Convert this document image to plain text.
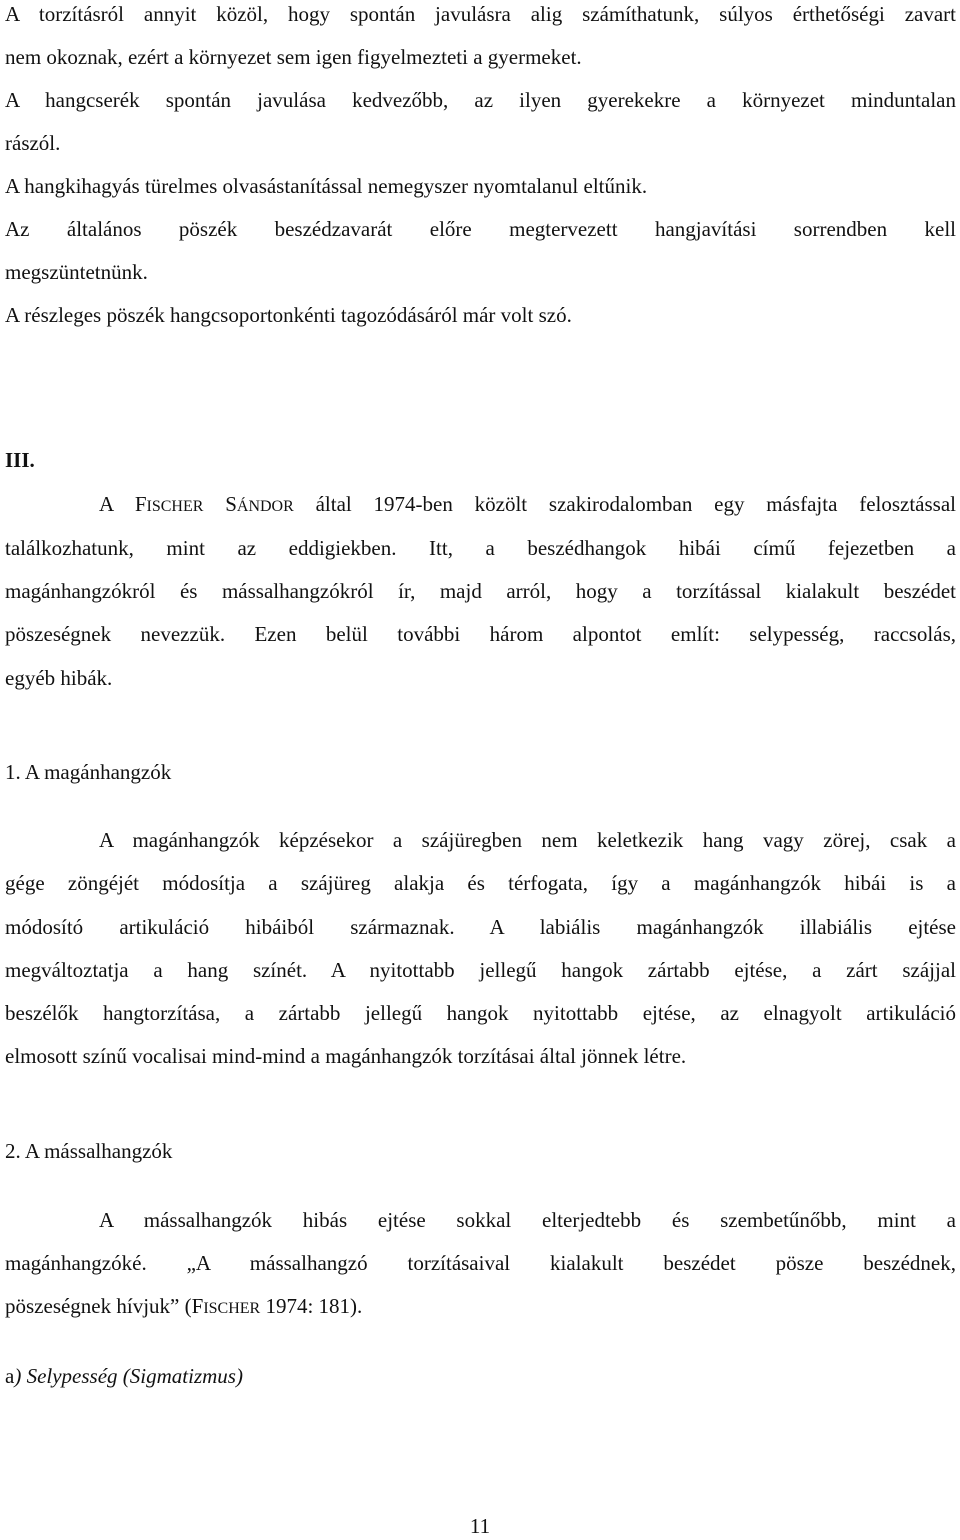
A torzításról annyit közöl, hogy spontán javulásra alig számíthatunk, súlyos érthetőségi zavart
nem okoznak, ezért a környezet sem igen figyelmezteti a gyermeket.
A hangcserék spontán javulása kedvezőbb, az ilyen gyerekekre a környezet minduntalan
rászól.
A hangkihagyás türelmes olvasástanítással nemegyszer nyomtalanul eltűnik.
Az általános pöszék beszédzavarát előre megtervezett hangjavítási sorrendben kell
megszüntetnünk.
A részleges pöszék hangcsoportonkénti tagozódásáról már volt szó.
III.
A FISCHER SÁNDOR által 1974-ben közölt szakirodalomban egy másfajta felosztással
találkozhatunk, mint az eddigiekben. Itt, a beszédhangok hibái című fejezetben a
magánhangzókról és mássalhangzókról ír, majd arról, hogy a torzítással kialakult beszédet
pöszeségnek nevezzük. Ezen belül további három alpontot említ: selypesség, raccsolás,
egyéb hibák.
1. A magánhangzók
A magánhangzók képzésekor a szájüregben nem keletkezik hang vagy zörej, csak a
gége zöngéjét módosítja a szájüreg alakja és térfogata, így a magánhangzók hibái is a
módosító artikuláció hibáiból származnak. A labiális magánhangzók illabiális ejtése
megváltoztatja a hang színét. A nyitottabb jellegű hangok zártabb ejtése, a zárt szájjal
beszélők hangtorzítása, a zártabb jellegű hangok nyitottabb ejtése, az elnagyolt artikuláció
elmosott színű vocalisai mind-mind a magánhangzók torzításai által jönnek létre.
2. A mássalhangzók
A mássalhangzók hibás ejtése sokkal elterjedtebb és szembetűnőbb, mint a
magánhangzóké. „A mássalhangzó torzításaival kialakult beszédet pösze beszédnek,
pöszeségnek hívjuk” (FISCHER 1974: 181).
a) Selypesség (Sigmatizmus)
11
